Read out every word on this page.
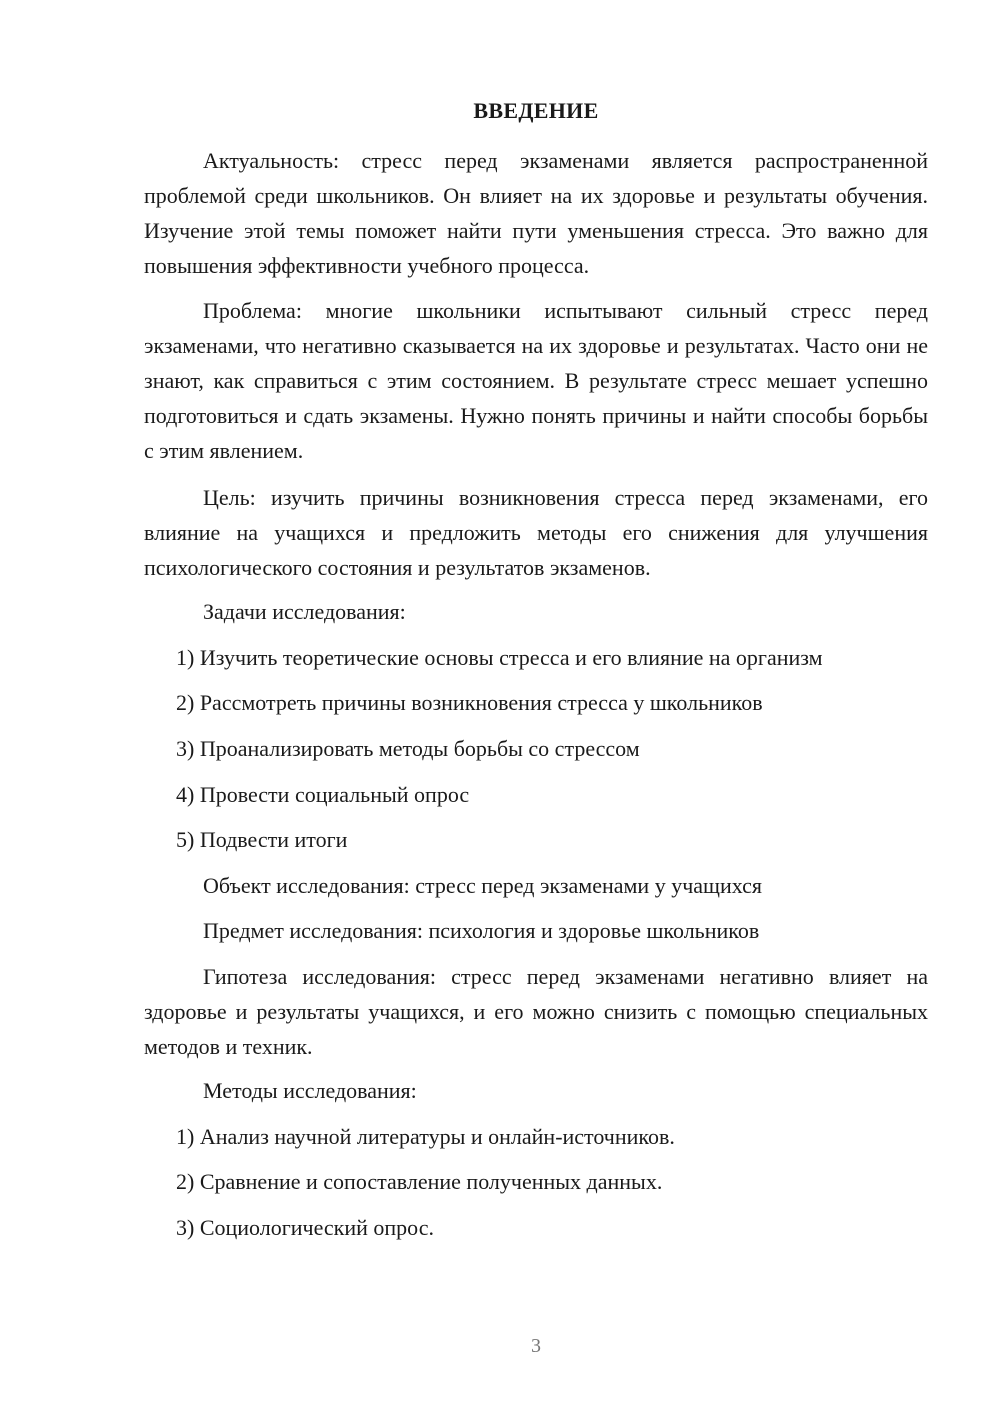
ВВЕДЕНИЕ

Актуальность: стресс перед экзаменами является распространенной проблемой среди школьников. Он влияет на их здоровье и результаты обучения. Изучение этой темы поможет найти пути уменьшения стресса. Это важно для повышения эффективности учебного процесса.

Проблема: многие школьники испытывают сильный стресс перед экзаменами, что негативно сказывается на их здоровье и результатах. Часто они не знают, как справиться с этим состоянием. В результате стресс мешает успешно подготовиться и сдать экзамены. Нужно понять причины и найти способы борьбы с этим явлением.

Цель: изучить причины возникновения стресса перед экзаменами, его влияние на учащихся и предложить методы его снижения для улучшения психологического состояния и результатов экзаменов.

Задачи исследования:
1) Изучить теоретические основы стресса и его влияние на организм
2) Рассмотреть причины возникновения стресса у школьников
3) Проанализировать методы борьбы со стрессом
4) Провести социальный опрос
5) Подвести итоги
Объект исследования: стресс перед экзаменами у учащихся
Предмет исследования: психология и здоровье школьников

Гипотеза исследования: стресс перед экзаменами негативно влияет на здоровье и результаты учащихся, и его можно снизить с помощью специальных методов и техник.

Методы исследования:
1) Анализ научной литературы и онлайн-источников.
2) Сравнение и сопоставление полученных данных.
3) Социологический опрос.
3
